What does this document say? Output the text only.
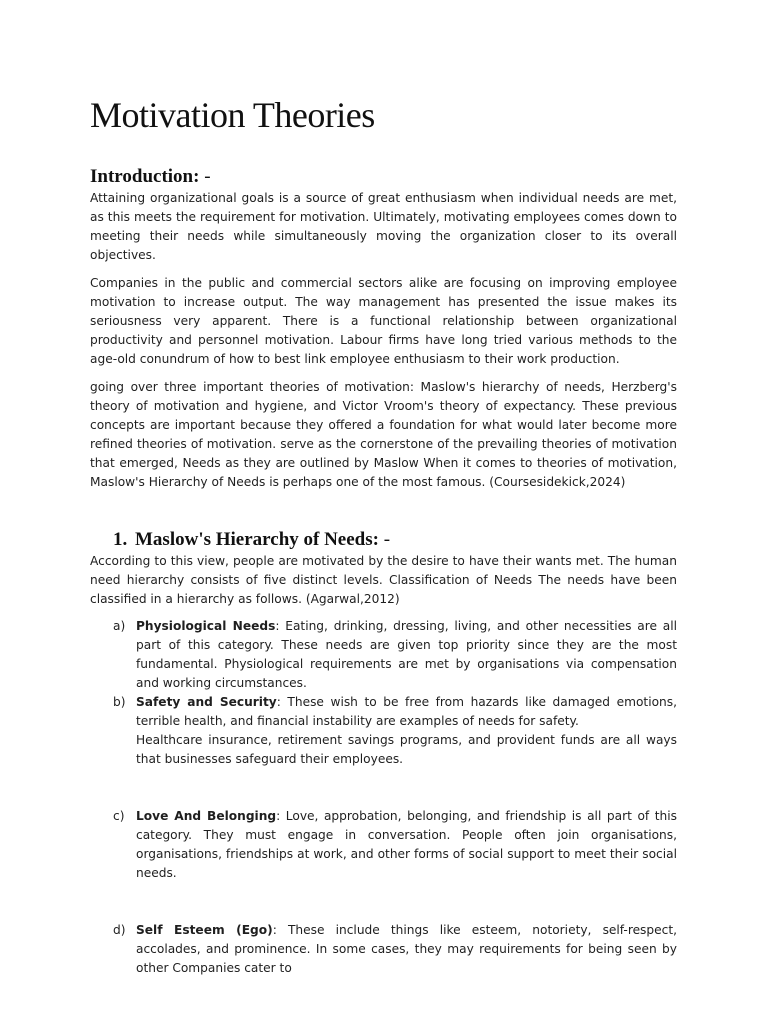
Motivation Theories
Introduction: -

Attaining organizational goals is a source of great enthusiasm when individual needs are met, as this meets the requirement for motivation. Ultimately, motivating employees comes down to meeting their needs while simultaneously moving the organization closer to its overall objectives.

Companies in the public and commercial sectors alike are focusing on improving employee motivation to increase output. The way management has presented the issue makes its seriousness very apparent. There is a functional relationship between organizational productivity and personnel motivation. Labour firms have long tried various methods to the age-old conundrum of how to best link employee enthusiasm to their work production.

going over three important theories of motivation: Maslow's hierarchy of needs, Herzberg's theory of motivation and hygiene, and Victor Vroom's theory of expectancy. These previous concepts are important because they offered a foundation for what would later become more refined theories of motivation. serve as the cornerstone of the prevailing theories of motivation that emerged, Needs as they are outlined by Maslow When it comes to theories of motivation, Maslow's Hierarchy of Needs is perhaps one of the most famous. (Coursesidekick,2024)

1. Maslow's Hierarchy of Needs: -

According to this view, people are motivated by the desire to have their wants met. The human need hierarchy consists of five distinct levels. Classification of Needs The needs have been classified in a hierarchy as follows. (Agarwal,2012)

a) Physiological Needs: Eating, drinking, dressing, living, and other necessities are all part of this category. These needs are given top priority since they are the most fundamental. Physiological requirements are met by organisations via compensation and working circumstances.
b) Safety and Security: These wish to be free from hazards like damaged emotions, terrible health, and financial instability are examples of needs for safety.
Healthcare insurance, retirement savings programs, and provident funds are all ways that businesses safeguard their employees.
c) Love And Belonging: Love, approbation, belonging, and friendship is all part of this category. They must engage in conversation. People often join organisations, organisations, friendships at work, and other forms of social support to meet their social needs.
d) Self Esteem (Ego): These include things like esteem, notoriety, self-respect, accolades, and prominence. In some cases, they may requirements for being seen by other Companies cater to
